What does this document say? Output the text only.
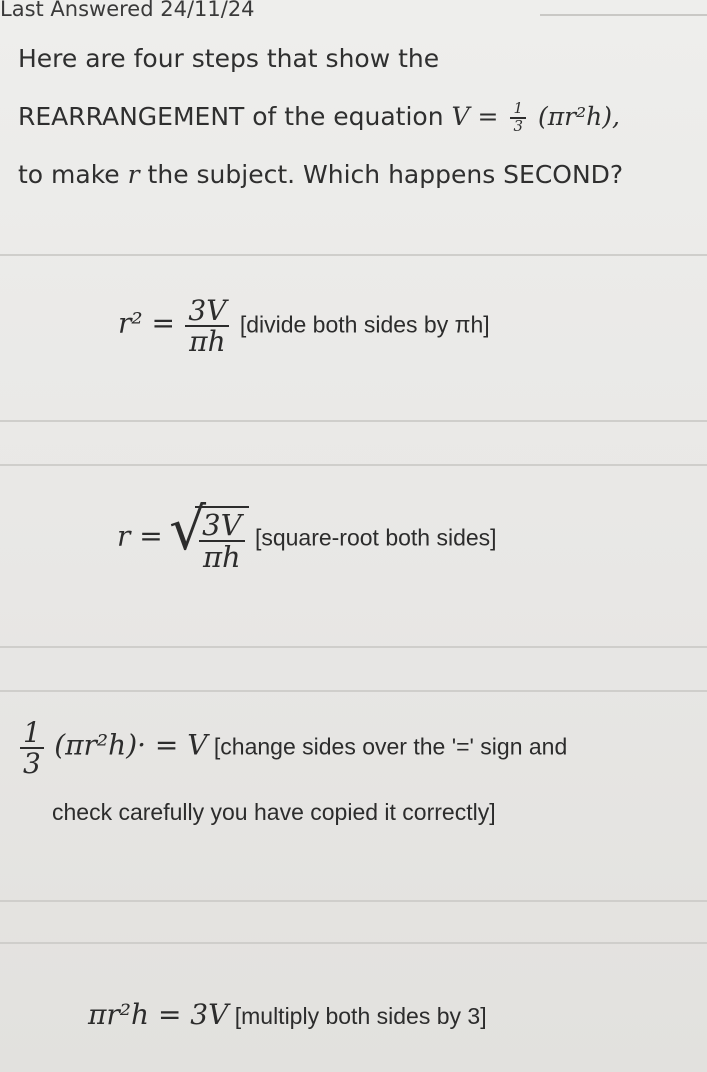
Last Answered 24/11/24
Here are four steps that show the
REARRANGEMENT of the equation $V = \frac{1}{3} (\pi r^2h)$,
to make r the subject. Which happens SECOND?
$r^2 = \frac{3V}{\pi h}$ [divide both sides by πh]
r = √
$\frac{3V}{\pi h}$ [square-root both sides]
$\frac{1}{3} (\pi r^2h)\cdot = V$ [change sides over the '=' sign and
check carefully you have copied it correctly]
πr²h = 3V [multiply both sides by 3]
